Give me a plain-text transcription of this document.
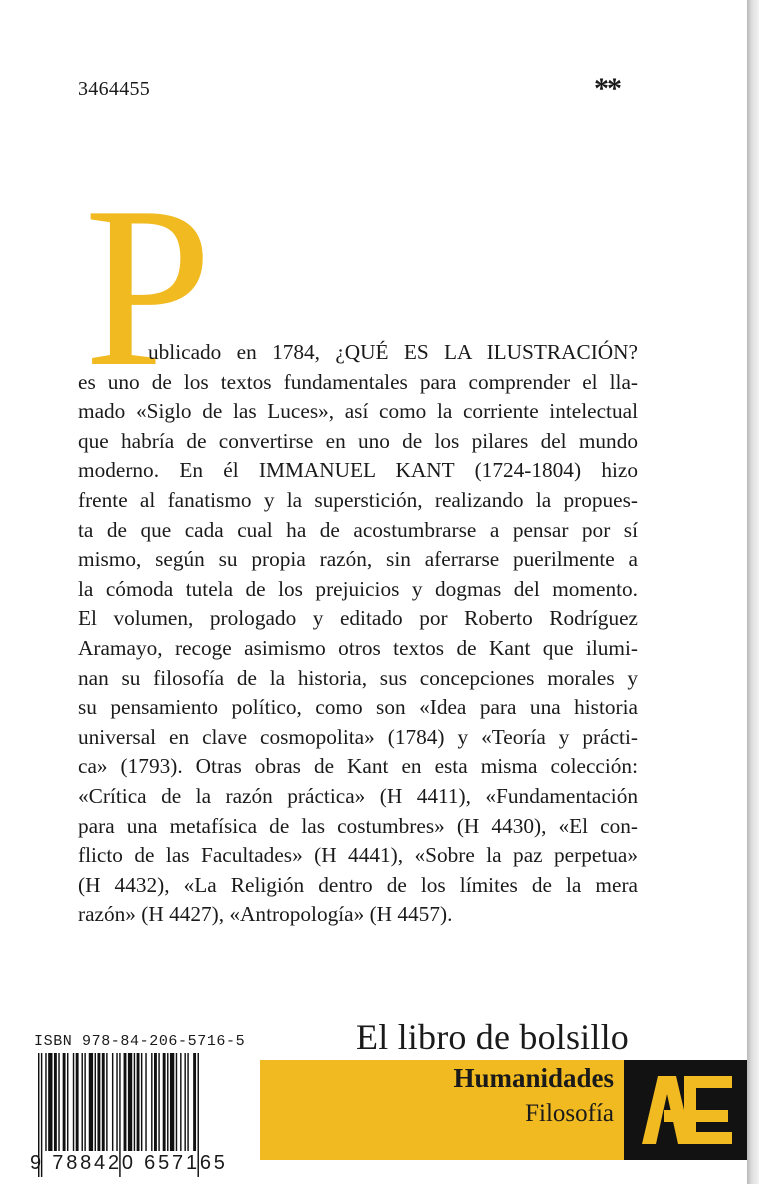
3464455	**
P
ublicado en 1784, ¿QUÉ ES LA ILUSTRACIÓN?
es uno de los textos fundamentales para comprender el lla-
mado «Siglo de las Luces», así como la corriente intelectual
que habría de convertirse en uno de los pilares del mundo
moderno. En él IMMANUEL KANT (1724-1804) hizo
frente al fanatismo y la superstición, realizando la propues-
ta de que cada cual ha de acostumbrarse a pensar por sí
mismo, según su propia razón, sin aferrarse puerilmente a
la cómoda tutela de los prejuicios y dogmas del momento.
El volumen, prologado y editado por Roberto Rodríguez
Aramayo, recoge asimismo otros textos de Kant que ilumi-
nan su filosofía de la historia, sus concepciones morales y
su pensamiento político, como son «Idea para una historia
universal en clave cosmopolita» (1784) y «Teoría y prácti-
ca» (1793). Otras obras de Kant en esta misma colección:
«Crítica de la razón práctica» (H 4411), «Fundamentación
para una metafísica de las costumbres» (H 4430), «El con-
flicto de las Facultades» (H 4441), «Sobre la paz perpetua»
(H 4432), «La Religión dentro de los límites de la mera
razón» (H 4427), «Antropología» (H 4457).
ISBN 978-84-206-5716-5
9 788420 657165
El libro de bolsillo
Humanidades
Filosofía
